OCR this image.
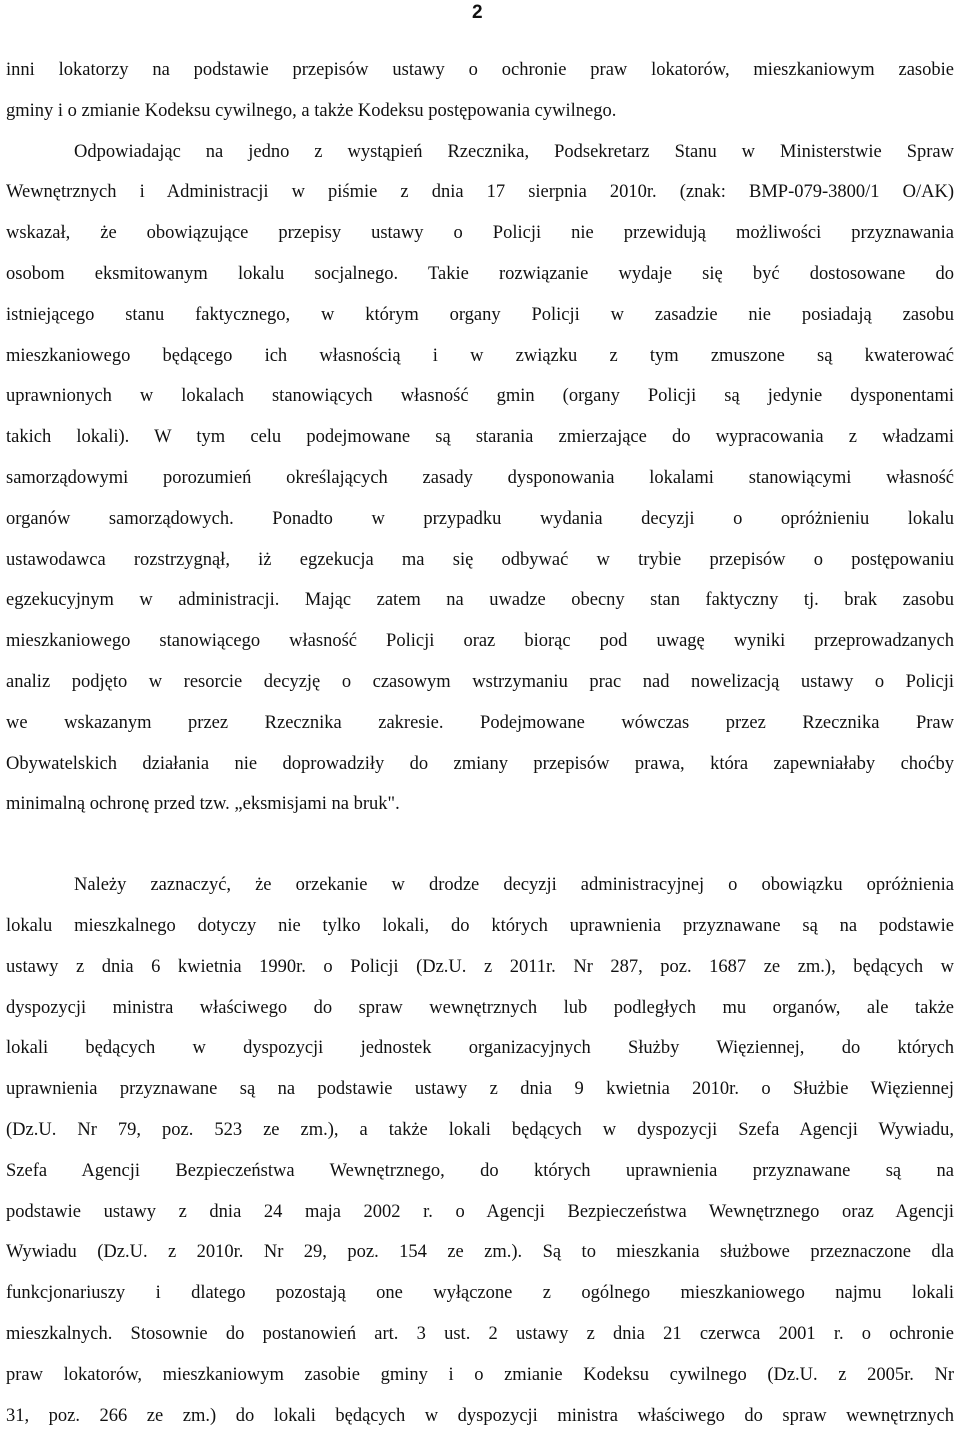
2
inni lokatorzy na podstawie przepisów ustawy o ochronie praw lokatorów, mieszkaniowym zasobie
gminy i o zmianie Kodeksu cywilnego, a także Kodeksu postępowania cywilnego.
Odpowiadając na jedno z wystąpień Rzecznika, Podsekretarz Stanu w Ministerstwie Spraw
Wewnętrznych i Administracji w piśmie z dnia 17 sierpnia 2010r. (znak: BMP-079-3800/1 O/AK)
wskazał, że obowiązujące przepisy ustawy o Policji nie przewidują możliwości przyznawania
osobom eksmitowanym lokalu socjalnego. Takie rozwiązanie wydaje się być dostosowane do
istniejącego stanu faktycznego, w którym organy Policji w zasadzie nie posiadają zasobu
mieszkaniowego będącego ich własnością i w związku z tym zmuszone są kwaterować
uprawnionych w lokalach stanowiących własność gmin (organy Policji są jedynie dysponentami
takich lokali). W tym celu podejmowane są starania zmierzające do wypracowania z władzami
samorządowymi porozumień określających zasady dysponowania lokalami stanowiącymi własność
organów samorządowych. Ponadto w przypadku wydania decyzji o opróżnieniu lokalu
ustawodawca rozstrzygnął, iż egzekucja ma się odbywać w trybie przepisów o postępowaniu
egzekucyjnym w administracji. Mając zatem na uwadze obecny stan faktyczny tj. brak zasobu
mieszkaniowego stanowiącego własność Policji oraz biorąc pod uwagę wyniki przeprowadzanych
analiz podjęto w resorcie decyzję o czasowym wstrzymaniu prac nad nowelizacją ustawy o Policji
we wskazanym przez Rzecznika zakresie. Podejmowane wówczas przez Rzecznika Praw
Obywatelskich działania nie doprowadziły do zmiany przepisów prawa, która zapewniałaby choćby
minimalną ochronę przed tzw. „eksmisjami na bruk".
Należy zaznaczyć, że orzekanie w drodze decyzji administracyjnej o obowiązku opróżnienia
lokalu mieszkalnego dotyczy nie tylko lokali, do których uprawnienia przyznawane są na podstawie
ustawy z dnia 6 kwietnia 1990r. o Policji (Dz.U. z 2011r. Nr 287, poz. 1687 ze zm.), będących w
dyspozycji ministra właściwego do spraw wewnętrznych lub podległych mu organów, ale także
lokali będących w dyspozycji jednostek organizacyjnych Służby Więziennej, do których
uprawnienia przyznawane są na podstawie ustawy z dnia 9 kwietnia 2010r. o Służbie Więziennej
(Dz.U. Nr 79, poz. 523 ze zm.), a także lokali będących w dyspozycji Szefa Agencji Wywiadu,
Szefa Agencji Bezpieczeństwa Wewnętrznego, do których uprawnienia przyznawane są na
podstawie ustawy z dnia 24 maja 2002 r. o Agencji Bezpieczeństwa Wewnętrznego oraz Agencji
Wywiadu (Dz.U. z 2010r. Nr 29, poz. 154 ze zm.). Są to mieszkania służbowe przeznaczone dla
funkcjonariuszy i dlatego pozostają one wyłączone z ogólnego mieszkaniowego najmu lokali
mieszkalnych. Stosownie do postanowień art. 3 ust. 2 ustawy z dnia 21 czerwca 2001 r. o ochronie
praw lokatorów, mieszkaniowym zasobie gminy i o zmianie Kodeksu cywilnego (Dz.U. z 2005r. Nr
31, poz. 266 ze zm.) do lokali będących w dyspozycji ministra właściwego do spraw wewnętrznych
